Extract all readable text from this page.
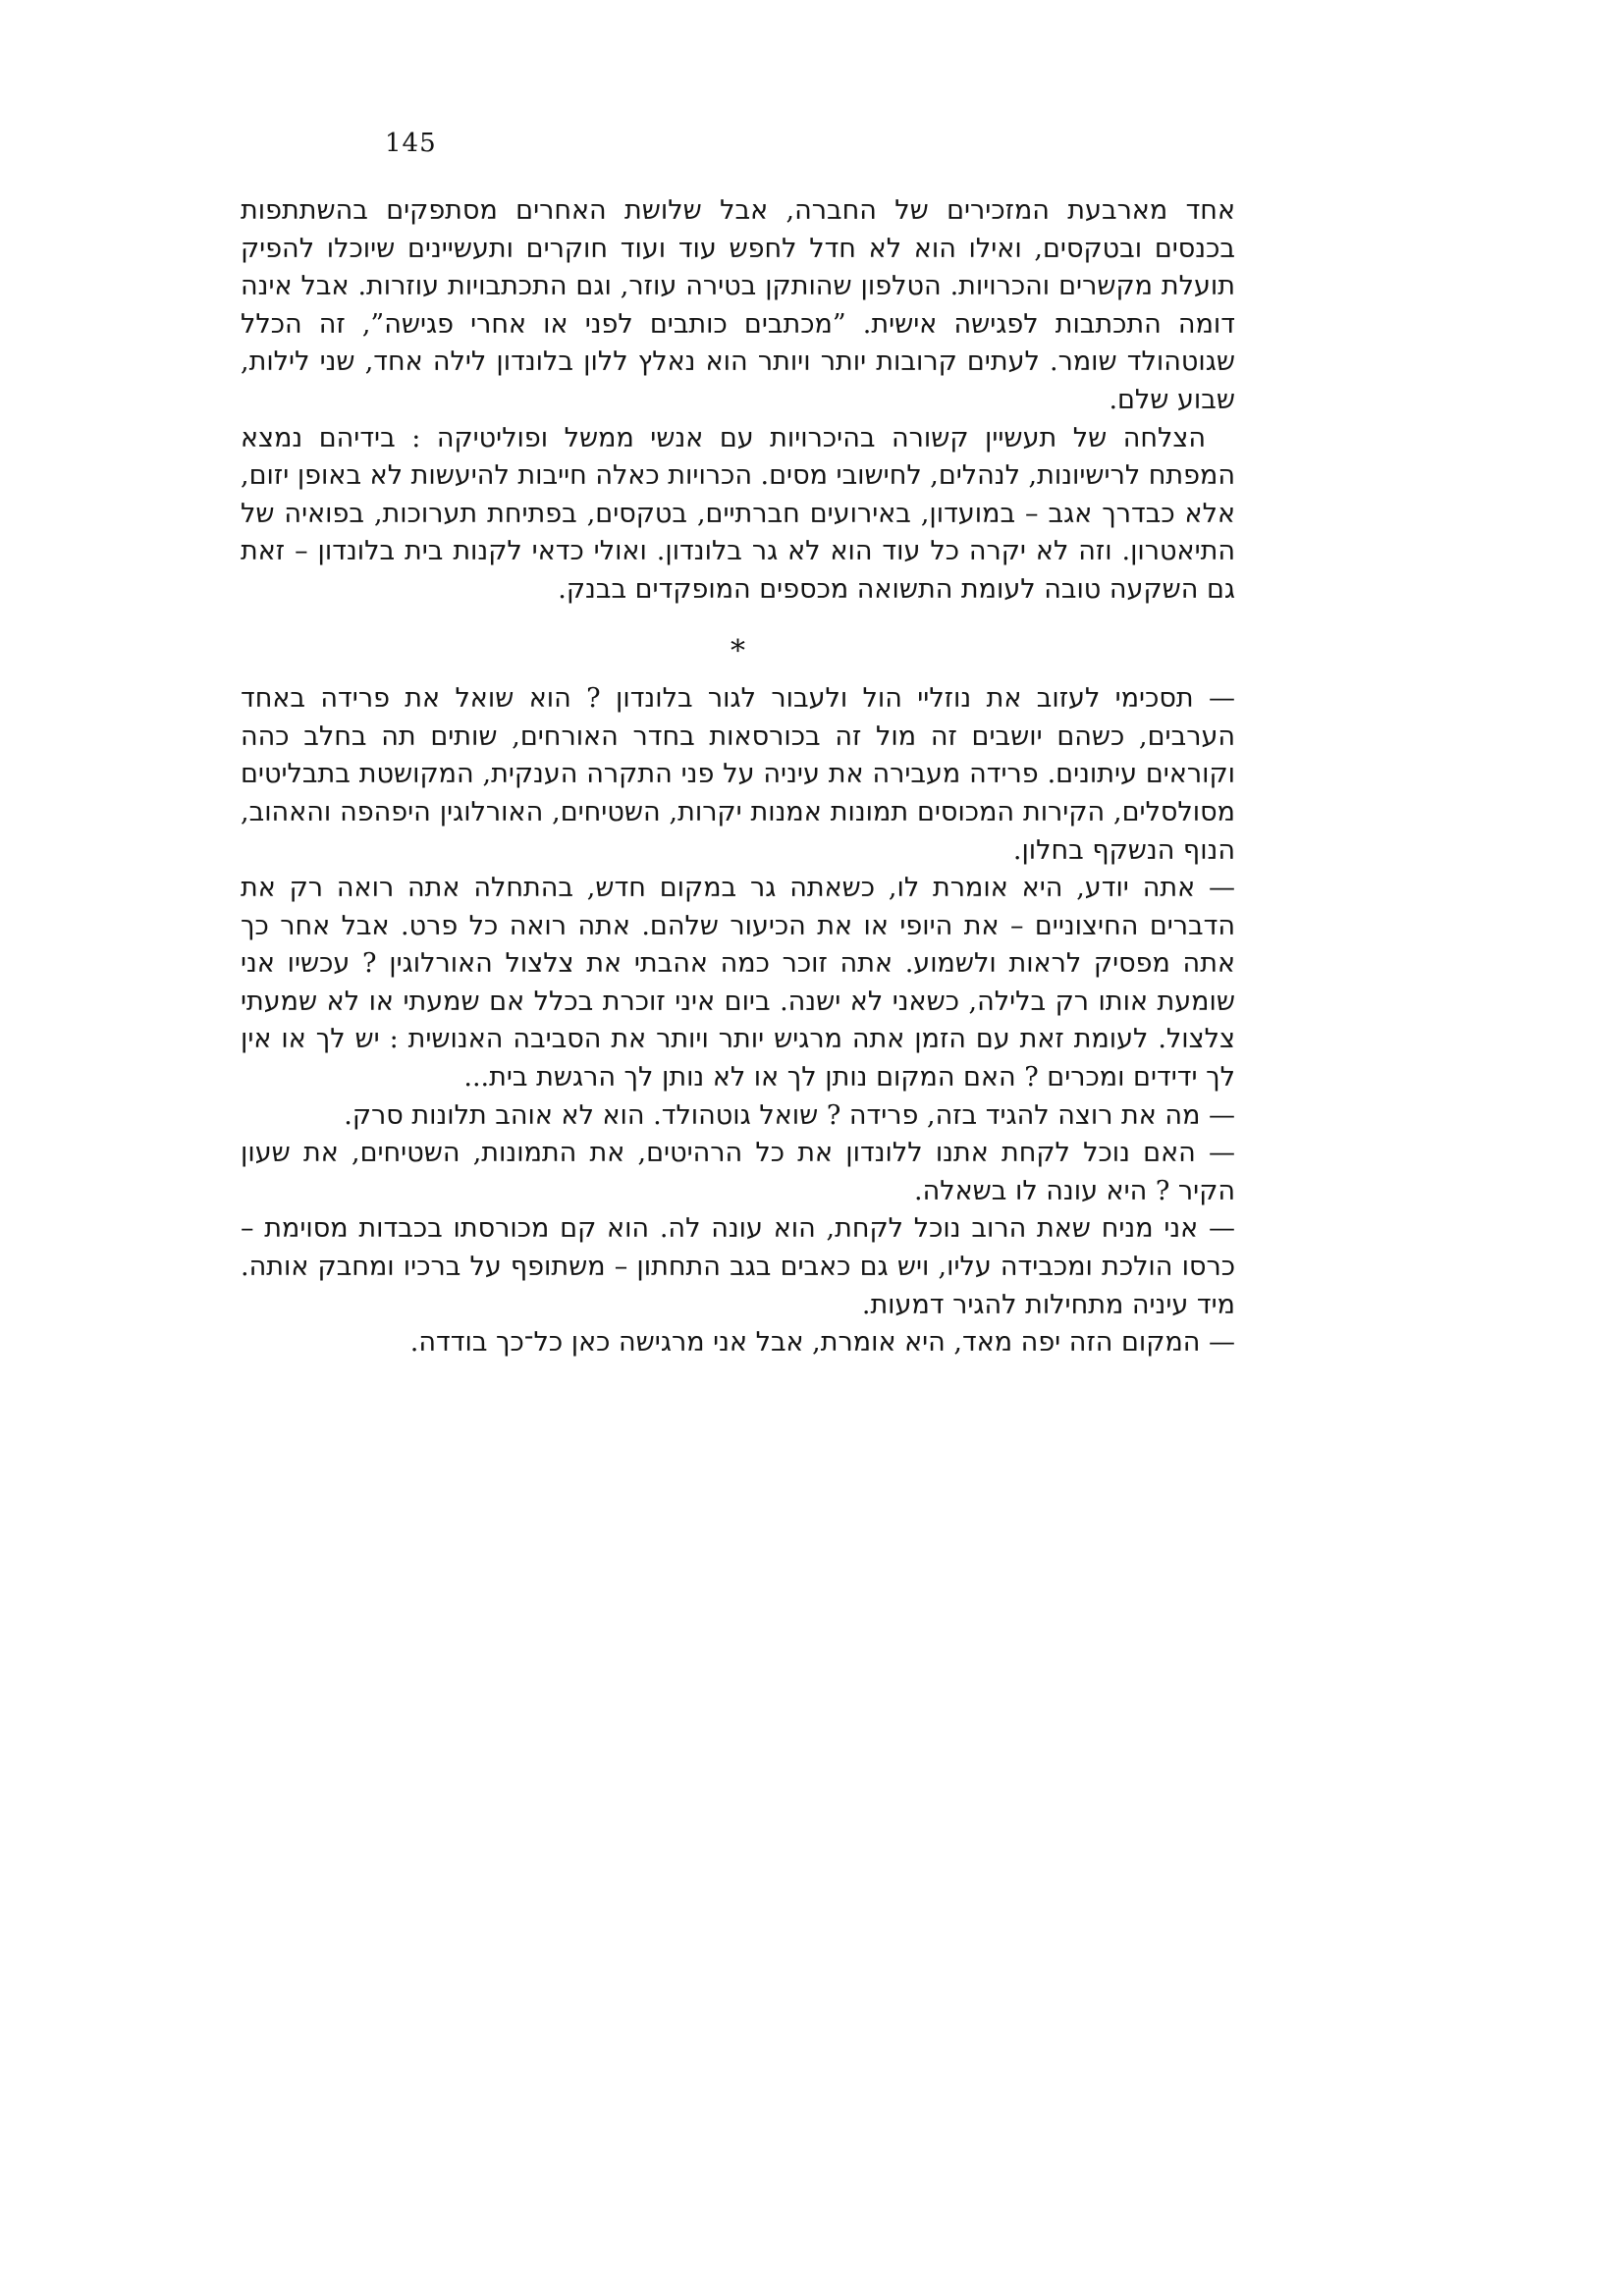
145

אחד מארבעת המזכירים של החברה, אבל שלושת האחרים מסתפקים בהשתתפות בכנסים ובטקסים, ואילו הוא לא חדל לחפש עוד ועוד חוקרים ותעשיינים שיוכלו להפיק תועלת מקשרים והכרויות. הטלפון שהותקן בטירה עוזר, וגם התכתבויות עוזרות. אבל אינה דומה התכתבות לפגישה אישית. ”מכתבים כותבים לפני או אחרי פגישה”, זה הכלל שגוטהולד שומר. לעתים קרובות יותר ויותר הוא נאלץ ללון בלונדון לילה אחד, שני לילות, שבוע שלם.

הצלחה של תעשיין קשורה בהיכרויות עם אנשי ממשל ופוליטיקה : בידיהם נמצא המפתח לרישיונות, לנהלים, לחישובי מסים. הכרויות כאלה חייבות להיעשות לא באופן יזום, אלא כבדרך אגב – במועדון, באירועים חברתיים, בטקסים, בפתיחת תערוכות, בפואיה של התיאטרון. וזה לא יקרה כל עוד הוא לא גר בלונדון. ואולי כדאי לקנות בית בלונדון – זאת גם השקעה טובה לעומת התשואה מכספים המופקדים בבנק.

*

— תסכימי לעזוב את נוזליי הול ולעבור לגור בלונדון ? הוא שואל את פרידה באחד הערבים, כשהם יושבים זה מול זה בכורסאות בחדר האורחים, שותים תה בחלב כהה וקוראים עיתונים. פרידה מעבירה את עיניה על פני התקרה הענקית, המקושטת בתבליטים מסולסלים, הקירות המכוסים תמונות אמנות יקרות, השטיחים, האורלוגין היפהפה והאהוב, הנוף הנשקף בחלון.

— אתה יודע, היא אומרת לו, כשאתה גר במקום חדש, בהתחלה אתה רואה רק את הדברים החיצוניים – את היופי או את הכיעור שלהם. אתה רואה כל פרט. אבל אחר כך אתה מפסיק לראות ולשמוע. אתה זוכר כמה אהבתי את צלצול האורלוגין ? עכשיו אני שומעת אותו רק בלילה, כשאני לא ישנה. ביום איני זוכרת בכלל אם שמעתי או לא שמעתי צלצול. לעומת זאת עם הזמן אתה מרגיש יותר ויותר את הסביבה האנושית : יש לך או אין לך ידידים ומכרים ? האם המקום נותן לך או לא נותן לך הרגשת בית...

— מה את רוצה להגיד בזה, פרידה ? שואל גוטהולד. הוא לא אוהב תלונות סרק.

— האם נוכל לקחת אתנו ללונדון את כל הרהיטים, את התמונות, השטיחים, את שעון הקיר ? היא עונה לו בשאלה.

— אני מניח שאת הרוב נוכל לקחת, הוא עונה לה. הוא קם מכורסתו בכבדות מסוימת – כרסו הולכת ומכבידה עליו, ויש גם כאבים בגב התחתון – משתופף על ברכיו ומחבק אותה. מיד עיניה מתחילות להגיר דמעות.

— המקום הזה יפה מאד, היא אומרת, אבל אני מרגישה כאן כל־כך בודדה.
